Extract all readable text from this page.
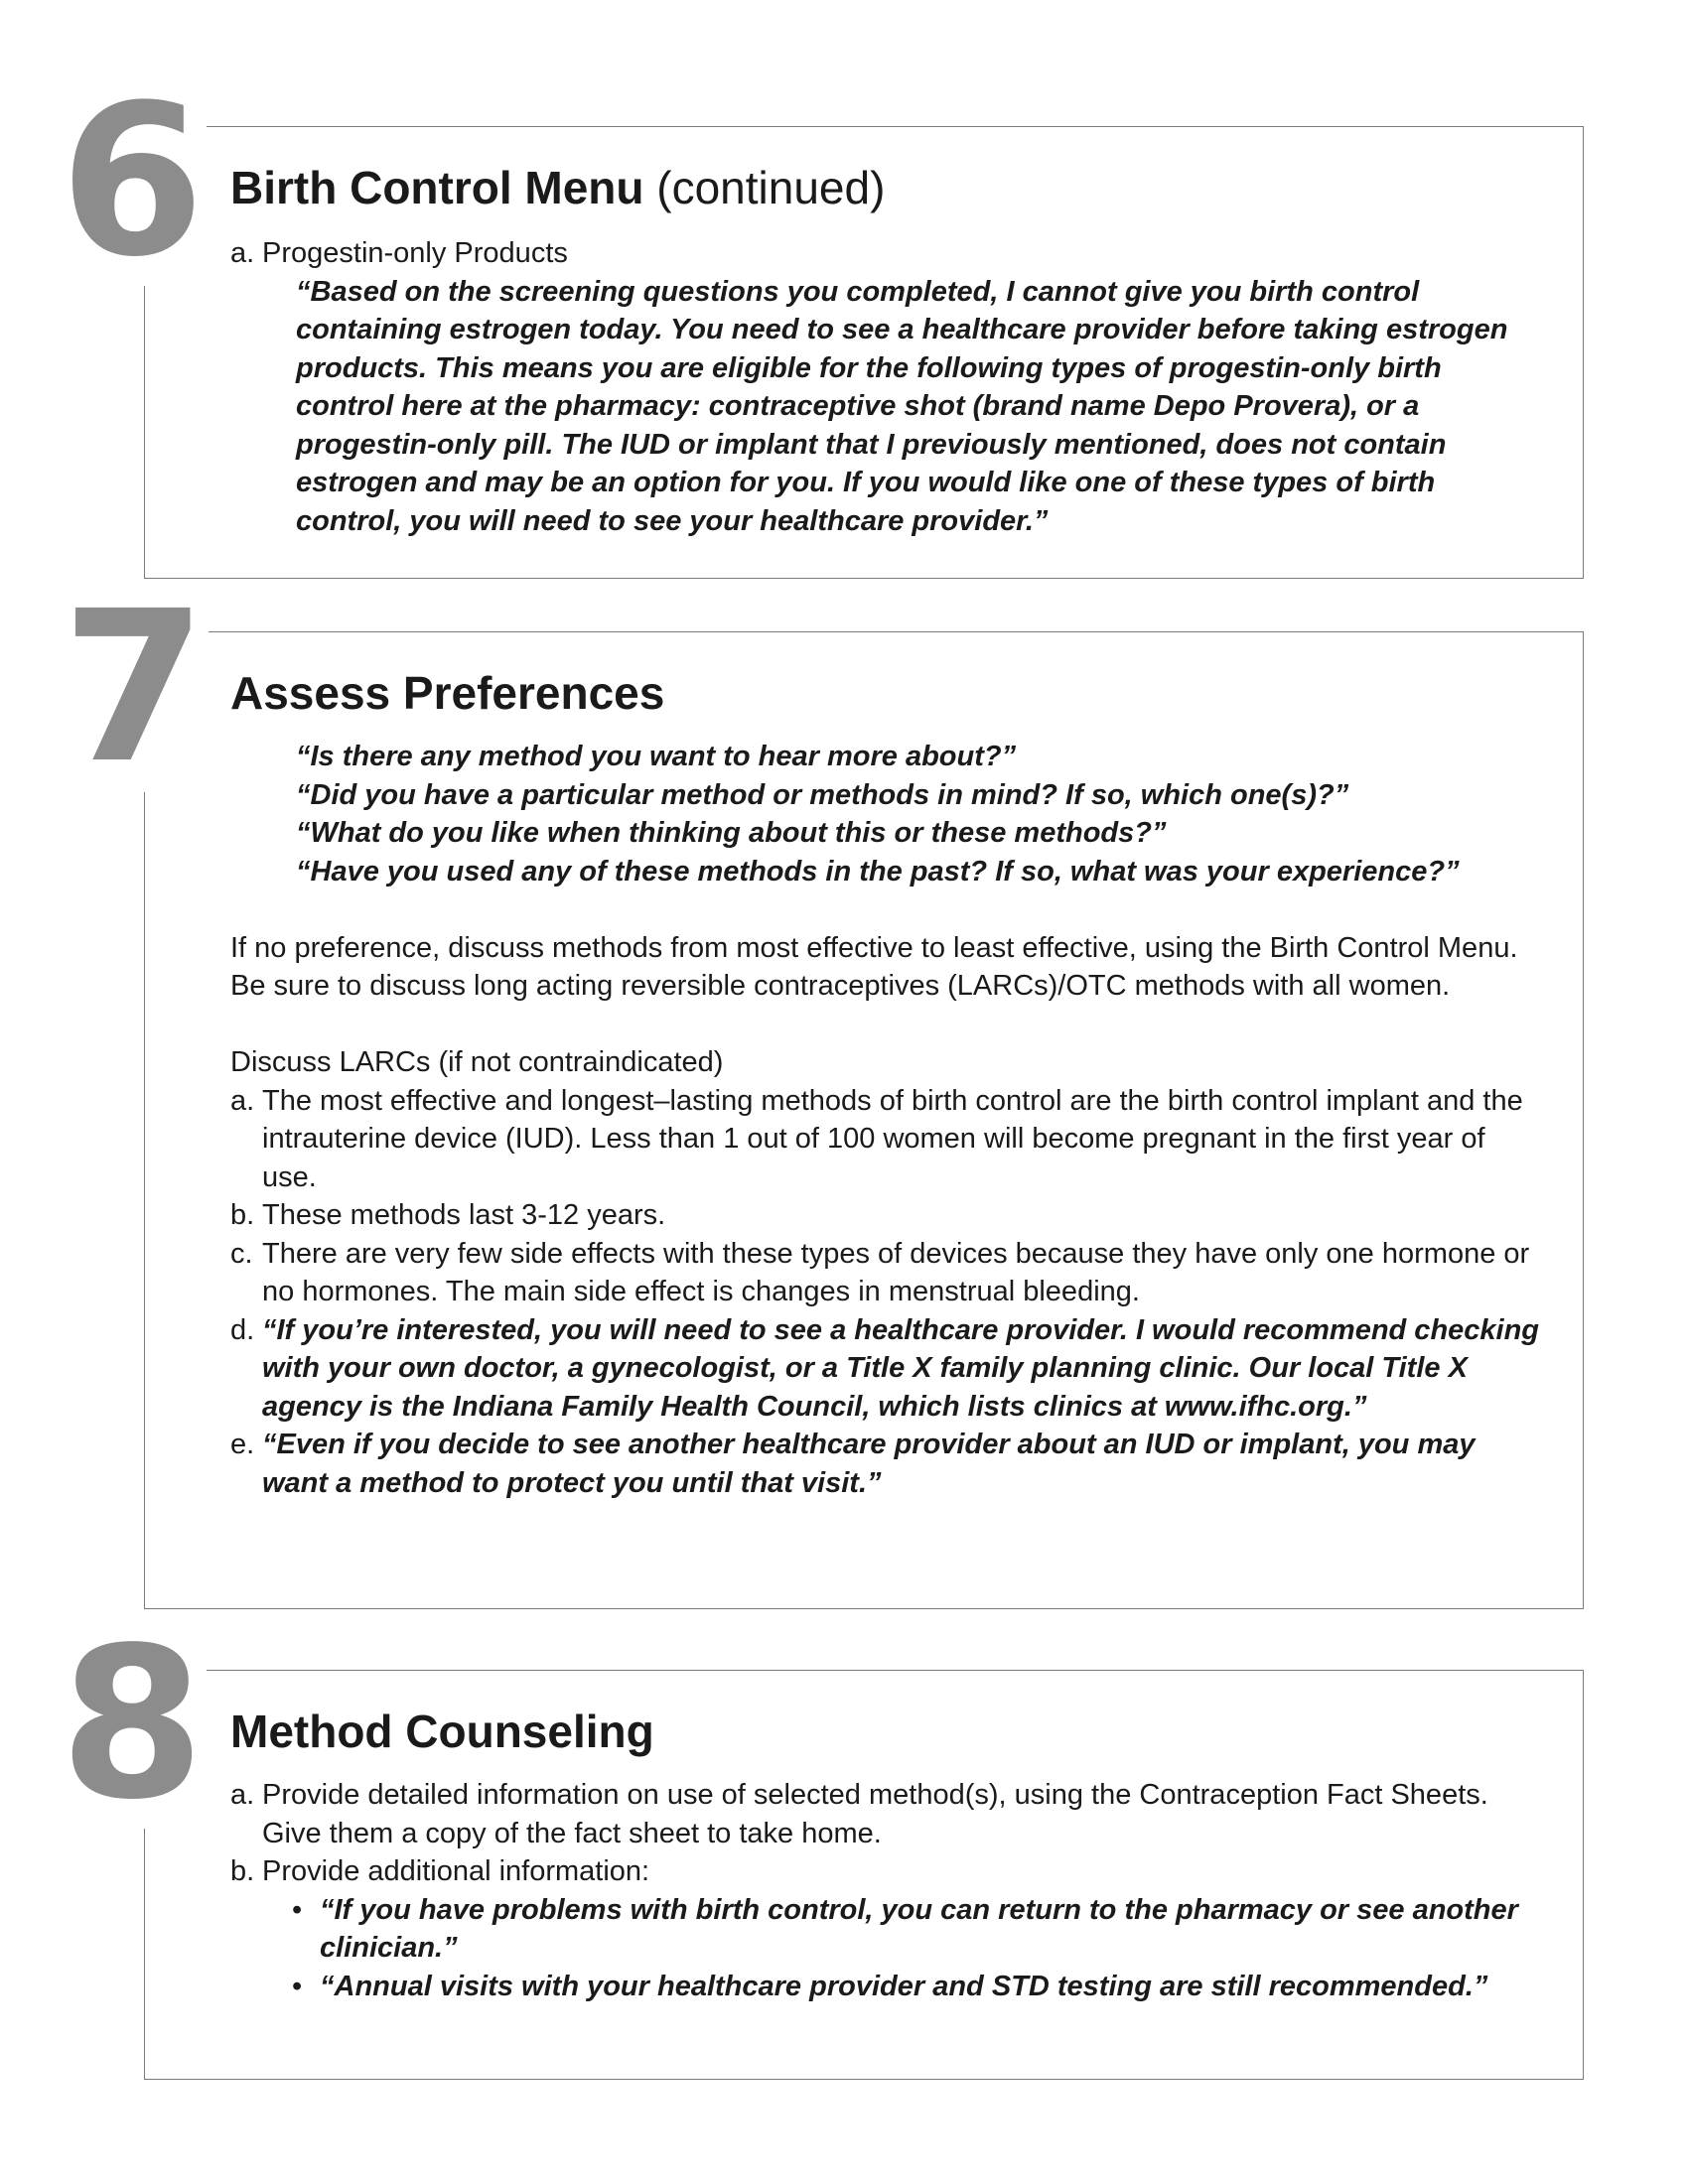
6 Birth Control Menu (continued)
a. Progestin-only Products

“Based on the screening questions you completed, I cannot give you birth control containing estrogen today. You need to see a healthcare provider before taking estrogen products. This means you are eligible for the following types of progestin-only birth control here at the pharmacy: contraceptive shot (brand name Depo Provera), or a progestin-only pill. The IUD or implant that I previously mentioned, does not contain estrogen and may be an option for you. If you would like one of these types of birth control, you will need to see your healthcare provider.”

7 Assess Preferences
“Is there any method you want to hear more about?”
“Did you have a particular method or methods in mind? If so, which one(s)?”
“What do you like when thinking about this or these methods?”
“Have you used any of these methods in the past? If so, what was your experience?”

If no preference, discuss methods from most effective to least effective, using the Birth Control Menu. Be sure to discuss long acting reversible contraceptives (LARCs)/OTC methods with all women.

Discuss LARCs (if not contraindicated)
a. The most effective and longest–lasting methods of birth control are the birth control implant and the intrauterine device (IUD). Less than 1 out of 100 women will become pregnant in the first year of use.
b. These methods last 3-12 years.
c. There are very few side effects with these types of devices because they have only one hormone or no hormones. The main side effect is changes in menstrual bleeding.
d. “If you’re interested, you will need to see a healthcare provider. I would recommend checking with your own doctor, a gynecologist, or a Title X family planning clinic. Our local Title X agency is the Indiana Family Health Council, which lists clinics at www.ifhc.org.”
e. “Even if you decide to see another healthcare provider about an IUD or implant, you may want a method to protect you until that visit.”
8 Method Counseling
a. Provide detailed information on use of selected method(s), using the Contraception Fact Sheets. Give them a copy of the fact sheet to take home.
b. Provide additional information:
• “If you have problems with birth control, you can return to the pharmacy or see another clinician.”
• “Annual visits with your healthcare provider and STD testing are still recommended.”
